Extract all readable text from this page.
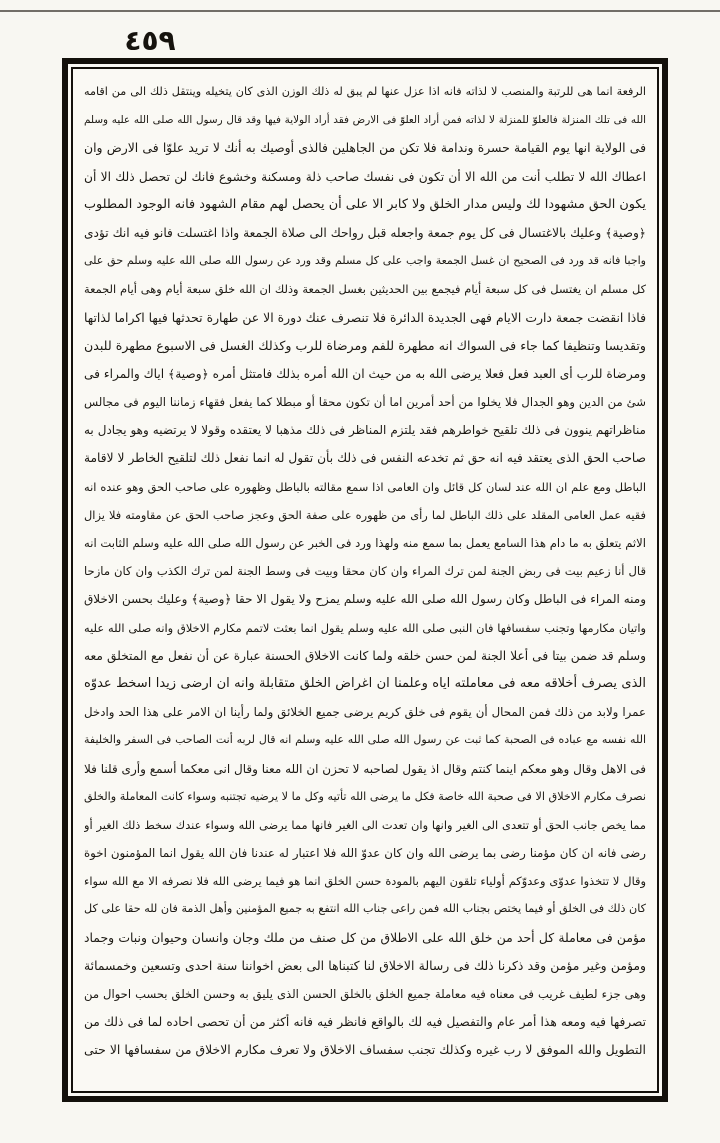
٤٥٩
الرفعة انما هى للرتبة والمنصب لا لذاته فانه اذا عزل عنها لم يبق له ذلك الوزن الذى كان يتخيله وينتقل ذلك الى من اقامه
الله فى تلك المنزلة فالعلوّ للمنزلة لا لذاته فمن أراد العلوّ فى الارض فقد أراد الولاية فيها وقد قال رسول الله صلى الله عليه وسلم
فى الولاية انها يوم القيامة حسرة وندامة فلا تكن من الجاهلين فالذى أوصيك به أنك لا تريد علوّا فى الارض وان
اعطاك الله لا تطلب أنت من الله الا أن تكون فى نفسك صاحب ذلة ومسكنة وخشوع فانك لن تحصل ذلك الا أن
يكون الحق مشهودا لك وليس مدار الخلق ولا كابر الا على أن يحصل لهم مقام الشهود فانه الوجود المطلوب
﴿وصية﴾ وعليك بالاغتسال فى كل يوم جمعة واجعله قبل رواحك الى صلاة الجمعة واذا اغتسلت فانو فيه انك تؤدى
واجبا فانه قد ورد فى الصحيح ان غسل الجمعة واجب على كل مسلم وقد ورد عن رسول الله صلى الله عليه وسلم حق على
كل مسلم ان يغتسل فى كل سبعة أيام فيجمع بين الحديثين بغسل الجمعة وذلك ان الله خلق سبعة أيام وهى أيام الجمعة
فاذا انقضت جمعة دارت الايام فهى الجديدة الدائرة فلا تنصرف عنك دورة الا عن طهارة تحدثها فيها اكراما لذاتها
وتقديسا وتنظيفا كما جاء فى السواك انه مطهرة للفم ومرضاة للرب وكذلك الغسل فى الاسبوع مطهرة للبدن
ومرضاة للرب أى العبد فعل فعلا يرضى الله به من حيث ان الله أمره بذلك فامتثل أمره ﴿وصية﴾ اياك والمراء فى
شئ من الدين وهو الجدال فلا يخلوا من أحد أمرين اما أن تكون محقا أو مبطلا كما يفعل فقهاء زماننا اليوم فى مجالس
مناظراتهم ينوون فى ذلك تلقيح خواطرهم فقد يلتزم المناظر فى ذلك مذهبا لا يعتقده وقولا لا يرتضيه وهو يجادل به
صاحب الحق الذى يعتقد فيه انه حق ثم تخدعه النفس فى ذلك بأن تقول له انما نفعل ذلك لتلقيح الخاطر لا لاقامة
الباطل ومع علم ان الله عند لسان كل قائل وان العامى اذا سمع مقالته بالباطل وظهوره على صاحب الحق وهو عنده انه
فقيه عمل العامى المقلد على ذلك الباطل لما رأى من ظهوره على صفة الحق وعجز صاحب الحق عن مقاومته فلا يزال
الاثم يتعلق به ما دام هذا السامع يعمل بما سمع منه ولهذا ورد فى الخبر عن رسول الله صلى الله عليه وسلم الثابت انه
قال أنا زعيم بيت فى ربض الجنة لمن ترك المراء وان كان محقا وبيت فى وسط الجنة لمن ترك الكذب وان كان مازحا
ومنه المراء فى الباطل وكان رسول الله صلى الله عليه وسلم يمزح ولا يقول الا حقا ﴿وصية﴾ وعليك بحسن الاخلاق
واتيان مكارمها وتجنب سفسافها فان النبى صلى الله عليه وسلم يقول انما بعثت لاتمم مكارم الاخلاق وانه صلى الله عليه
وسلم قد ضمن بيتا فى أعلا الجنة لمن حسن خلقه ولما كانت الاخلاق الحسنة عبارة عن أن نفعل مع المتخلق معه
الذى يصرف أخلاقه معه فى معاملته اياه وعلمنا ان اغراض الخلق متقابلة وانه ان ارضى زيدا اسخط عدوّه
عمرا ولابد من ذلك فمن المحال أن يقوم فى خلق كريم يرضى جميع الخلائق ولما رأينا ان الامر على هذا الحد وادخل
الله نفسه مع عباده فى الصحبة كما ثبت عن رسول الله صلى الله عليه وسلم انه قال لربه أنت الصاحب فى السفر والخليفة
فى الاهل وقال وهو معكم اينما كنتم وقال اذ يقول لصاحبه لا تحزن ان الله معنا وقال انى معكما أسمع وأرى قلنا فلا
نصرف مكارم الاخلاق الا فى صحبة الله خاصة فكل ما يرضى الله تأتيه وكل ما لا يرضيه تجتنبه وسواء كانت المعاملة والخلق
مما يخص جانب الحق أو تتعدى الى الغير وانها وان تعدت الى الغير فانها مما يرضى الله وسواء عندك سخط ذلك الغير أو
رضى فانه ان كان مؤمنا رضى بما يرضى الله وان كان عدوّ الله فلا اعتبار له عندنا فان الله يقول انما المؤمنون اخوة
وقال لا تتخذوا عدوّى وعدوّكم أولياء تلقون اليهم بالمودة حسن الخلق انما هو فيما يرضى الله فلا نصرفه الا مع الله سواء
كان ذلك فى الخلق أو فيما يختص بجناب الله فمن راعى جناب الله انتفع به جميع المؤمنين وأهل الذمة فان لله حقا على كل
مؤمن فى معاملة كل أحد من خلق الله على الاطلاق من كل صنف من ملك وجان وانسان وحيوان ونبات وجماد
ومؤمن وغير مؤمن وقد ذكرنا ذلك فى رسالة الاخلاق لنا كتبناها الى بعض اخواننا سنة احدى وتسعين وخمسمائة
وهى جزء لطيف غريب فى معناه فيه معاملة جميع الخلق بالخلق الحسن الذى يليق به وحسن الخلق بحسب احوال من
تصرفها فيه ومعه هذا أمر عام والتفصيل فيه لك بالواقع فانظر فيه فانه أكثر من أن تحصى احاده لما فى ذلك من
التطويل والله الموفق لا رب غيره وكذلك تجنب سفساف الاخلاق ولا تعرف مكارم الاخلاق من سفسافها الا حتى
